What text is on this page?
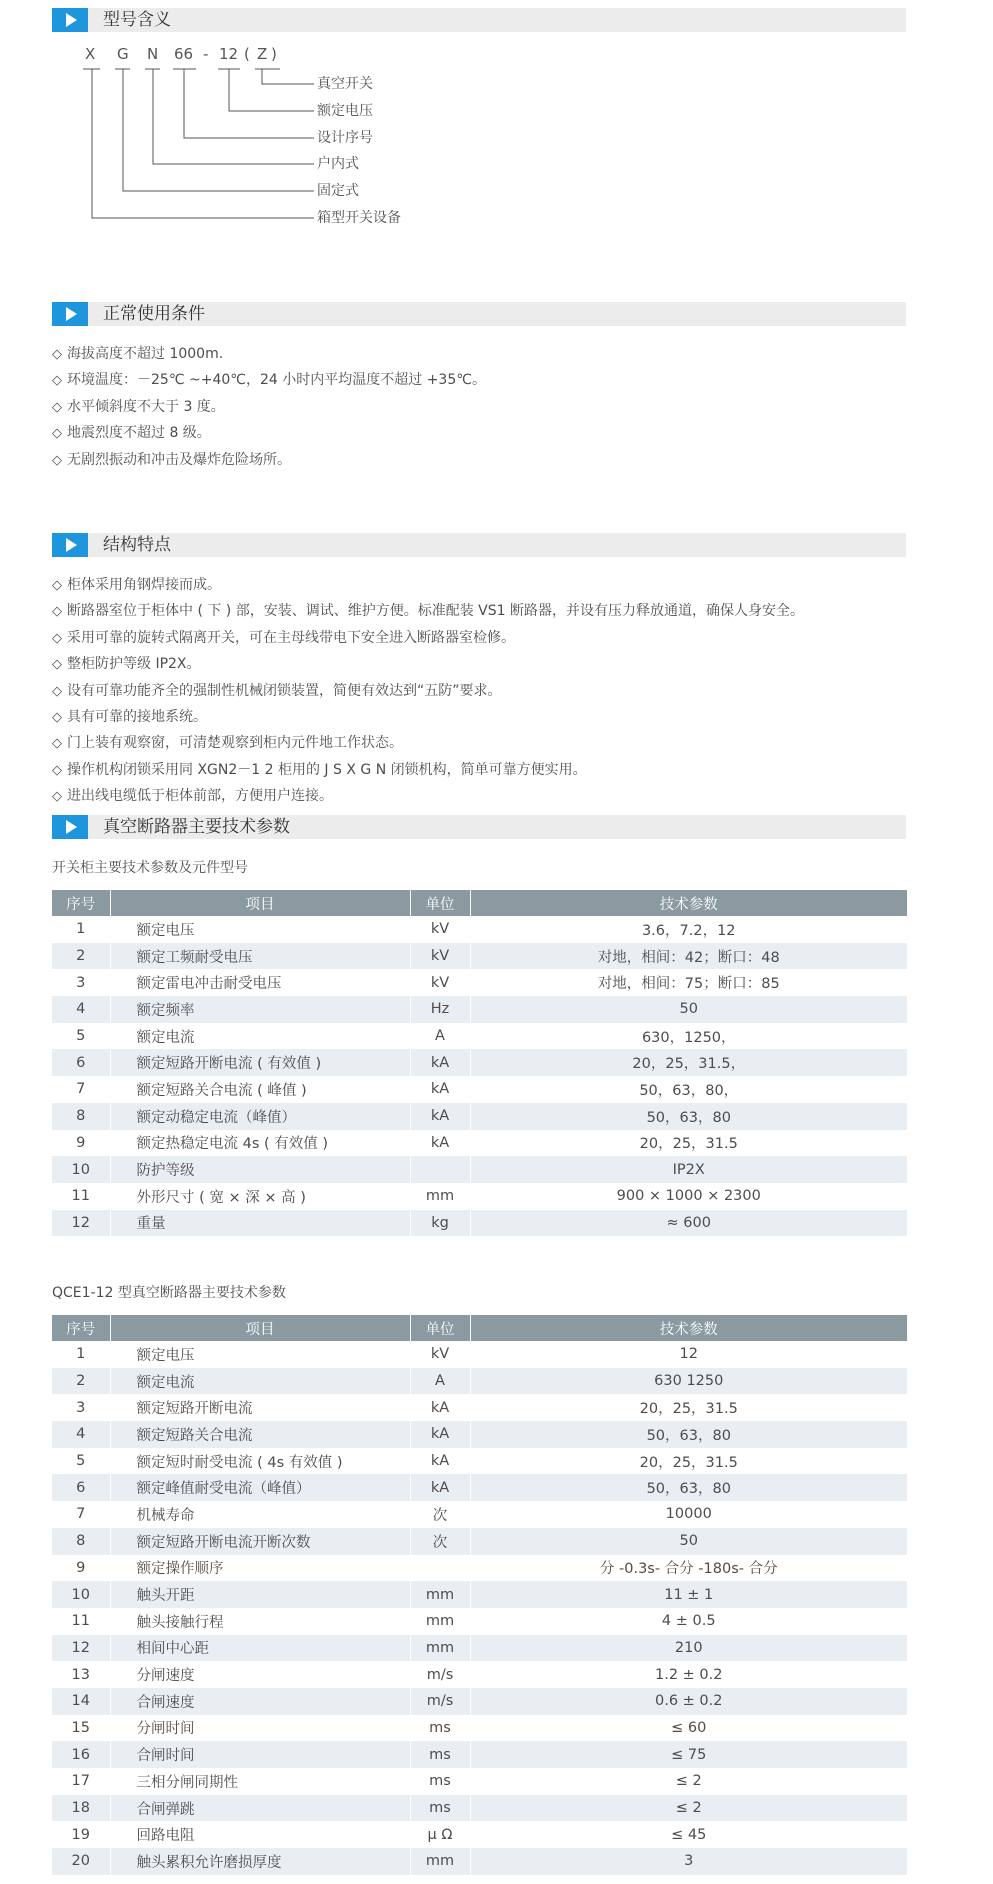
型号含义
X G N 66 - 12 ( Z )
真空开关
额定电压
设计序号
户内式
固定式
箱型开关设备
正常使用条件
◇ 海拔高度不超过 1000m.
◇ 环境温度：－25℃ ~+40℃，24 小时内平均温度不超过 +35℃。
◇ 水平倾斜度不大于 3 度。
◇ 地震烈度不超过 8 级。
◇ 无剧烈振动和冲击及爆炸危险场所。
结构特点
◇ 柜体采用角钢焊接而成。
◇ 断路器室位于柜体中 ( 下 ) 部，安装、调试、维护方便。标准配装 VS1 断路器，并设有压力释放通道，确保人身安全。
◇ 采用可靠的旋转式隔离开关，可在主母线带电下安全进入断路器室检修。
◇ 整柜防护等级 IP2X。
◇ 设有可靠功能齐全的强制性机械闭锁装置，简便有效达到“五防”要求。
◇ 具有可靠的接地系统。
◇ 门上装有观察窗，可清楚观察到柜内元件地工作状态。
◇ 操作机构闭锁采用同 XGN2－1 2 柜用的 J S X G N 闭锁机构，简单可靠方便实用。
◇ 进出线电缆低于柜体前部，方便用户连接。
真空断路器主要技术参数
开关柜主要技术参数及元件型号
序号	项目	单位	技术参数
1	额定电压	kV	3.6，7.2，12
2	额定工频耐受电压	kV	对地，相间：42；断口：48
3	额定雷电冲击耐受电压	kV	对地，相间：75；断口：85
4	额定频率	Hz	50
5	额定电流	A	630，1250，
6	额定短路开断电流 ( 有效值 )	kA	20，25，31.5，
7	额定短路关合电流 ( 峰值 )	kA	50，63，80，
8	额定动稳定电流（峰值）	kA	50，63，80
9	额定热稳定电流 4s ( 有效值 )	kA	20，25，31.5
10	防护等级		IP2X
11	外形尺寸 ( 宽 × 深 × 高 )	mm	900 × 1000 × 2300
12	重量	kg	≈ 600
QCE1-12 型真空断路器主要技术参数
序号	项目	单位	技术参数
1	额定电压	kV	12
2	额定电流	A	630 1250
3	额定短路开断电流	kA	20，25，31.5
4	额定短路关合电流	kA	50，63，80
5	额定短时耐受电流 ( 4s 有效值 )	kA	20，25，31.5
6	额定峰值耐受电流（峰值）	kA	50，63，80
7	机械寿命	次	10000
8	额定短路开断电流开断次数	次	50
9	额定操作顺序		分 -0.3s- 合分 -180s- 合分
10	触头开距	mm	11 ± 1
11	触头接触行程	mm	4 ± 0.5
12	相间中心距	mm	210
13	分闸速度	m/s	1.2 ± 0.2
14	合闸速度	m/s	0.6 ± 0.2
15	分闸时间	ms	≤ 60
16	合闸时间	ms	≤ 75
17	三相分闸同期性	ms	≤ 2
18	合闸弹跳	ms	≤ 2
19	回路电阻	μ Ω	≤ 45
20	触头累积允许磨损厚度	mm	3
